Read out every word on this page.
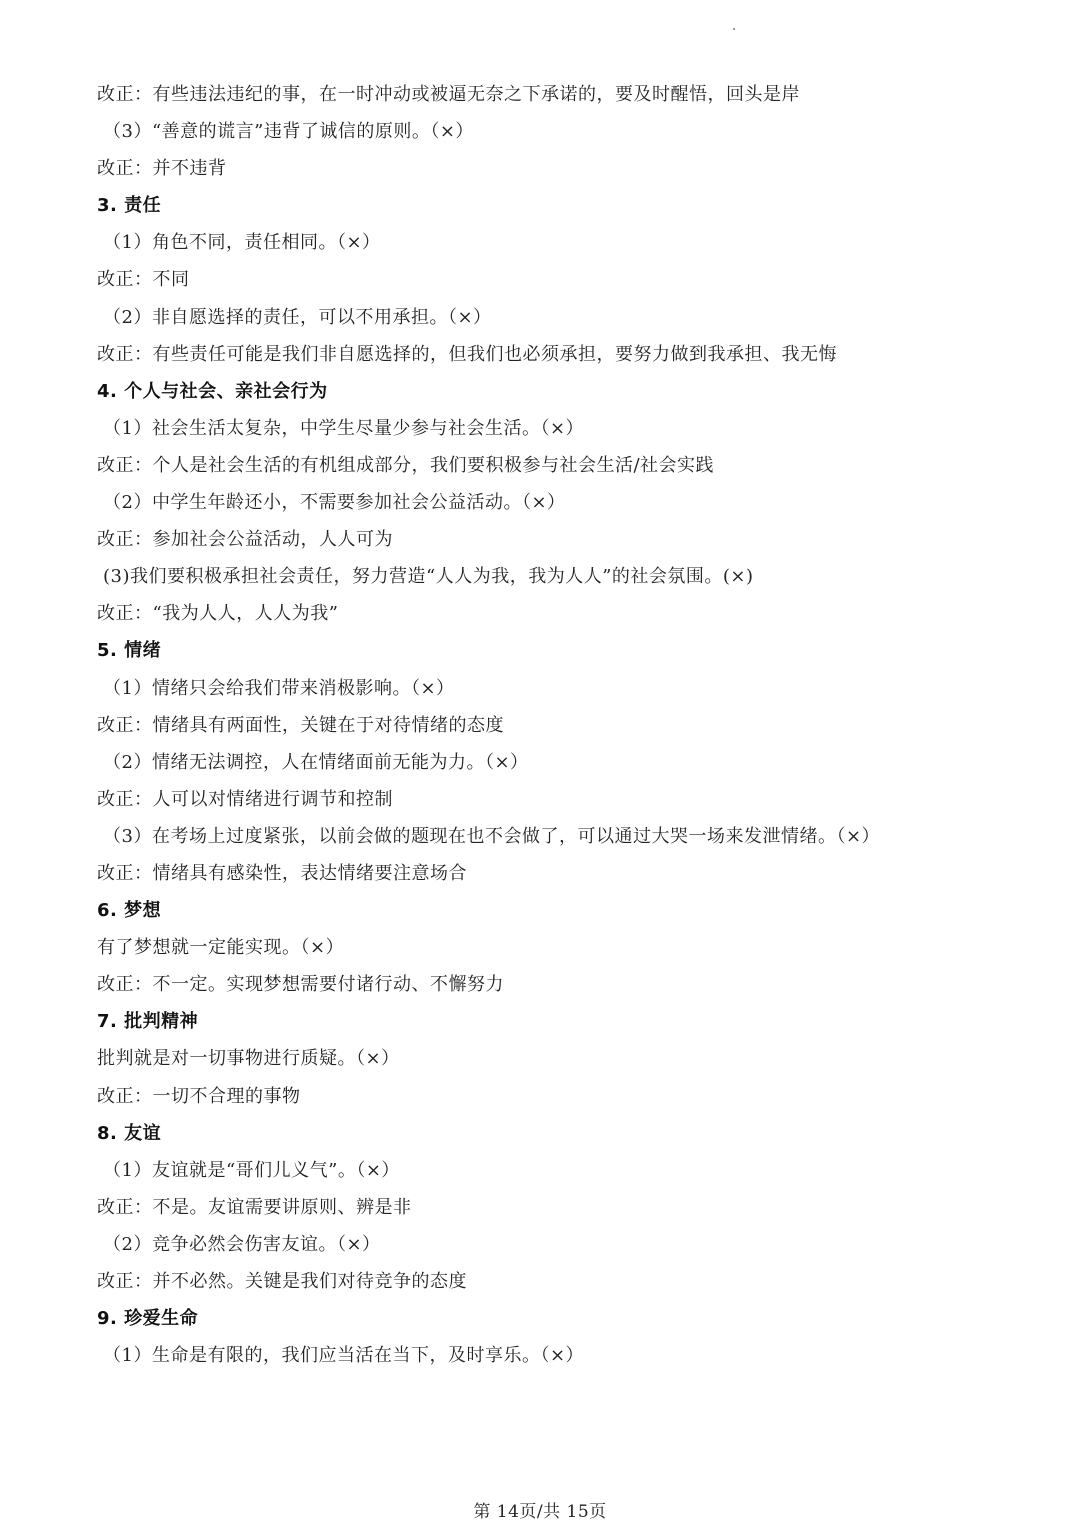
改正：有些违法违纪的事，在一时冲动或被逼无奈之下承诺的，要及时醒悟，回头是岸
（3）“善意的谎言”违背了诚信的原则。（×）
改正：并不违背
3. 责任
（1）角色不同，责任相同。（×）
改正：不同
（2）非自愿选择的责任，可以不用承担。（×）
改正：有些责任可能是我们非自愿选择的，但我们也必须承担，要努力做到我承担、我无悔
4. 个人与社会、亲社会行为
（1）社会生活太复杂，中学生尽量少参与社会生活。（×）
改正：个人是社会生活的有机组成部分，我们要积极参与社会生活/社会实践
（2）中学生年龄还小，不需要参加社会公益活动。（×）
改正：参加社会公益活动，人人可为
(3)我们要积极承担社会责任，努力营造“人人为我，我为人人”的社会氛围。(×)
改正：“我为人人，人人为我”
5. 情绪
（1）情绪只会给我们带来消极影响。（×）
改正：情绪具有两面性，关键在于对待情绪的态度
（2）情绪无法调控，人在情绪面前无能为力。（×）
改正：人可以对情绪进行调节和控制
（3）在考场上过度紧张，以前会做的题现在也不会做了，可以通过大哭一场来发泄情绪。（×）
改正：情绪具有感染性，表达情绪要注意场合
6. 梦想
有了梦想就一定能实现。（×）
改正：不一定。实现梦想需要付诸行动、不懈努力
7. 批判精神
批判就是对一切事物进行质疑。（×）
改正：一切不合理的事物
8. 友谊
（1）友谊就是“哥们儿义气”。（×）
改正：不是。友谊需要讲原则、辨是非
（2）竞争必然会伤害友谊。（×）
改正：并不必然。关键是我们对待竞争的态度
9. 珍爱生命
（1）生命是有限的，我们应当活在当下，及时享乐。（×）
第 14页/共 15页
